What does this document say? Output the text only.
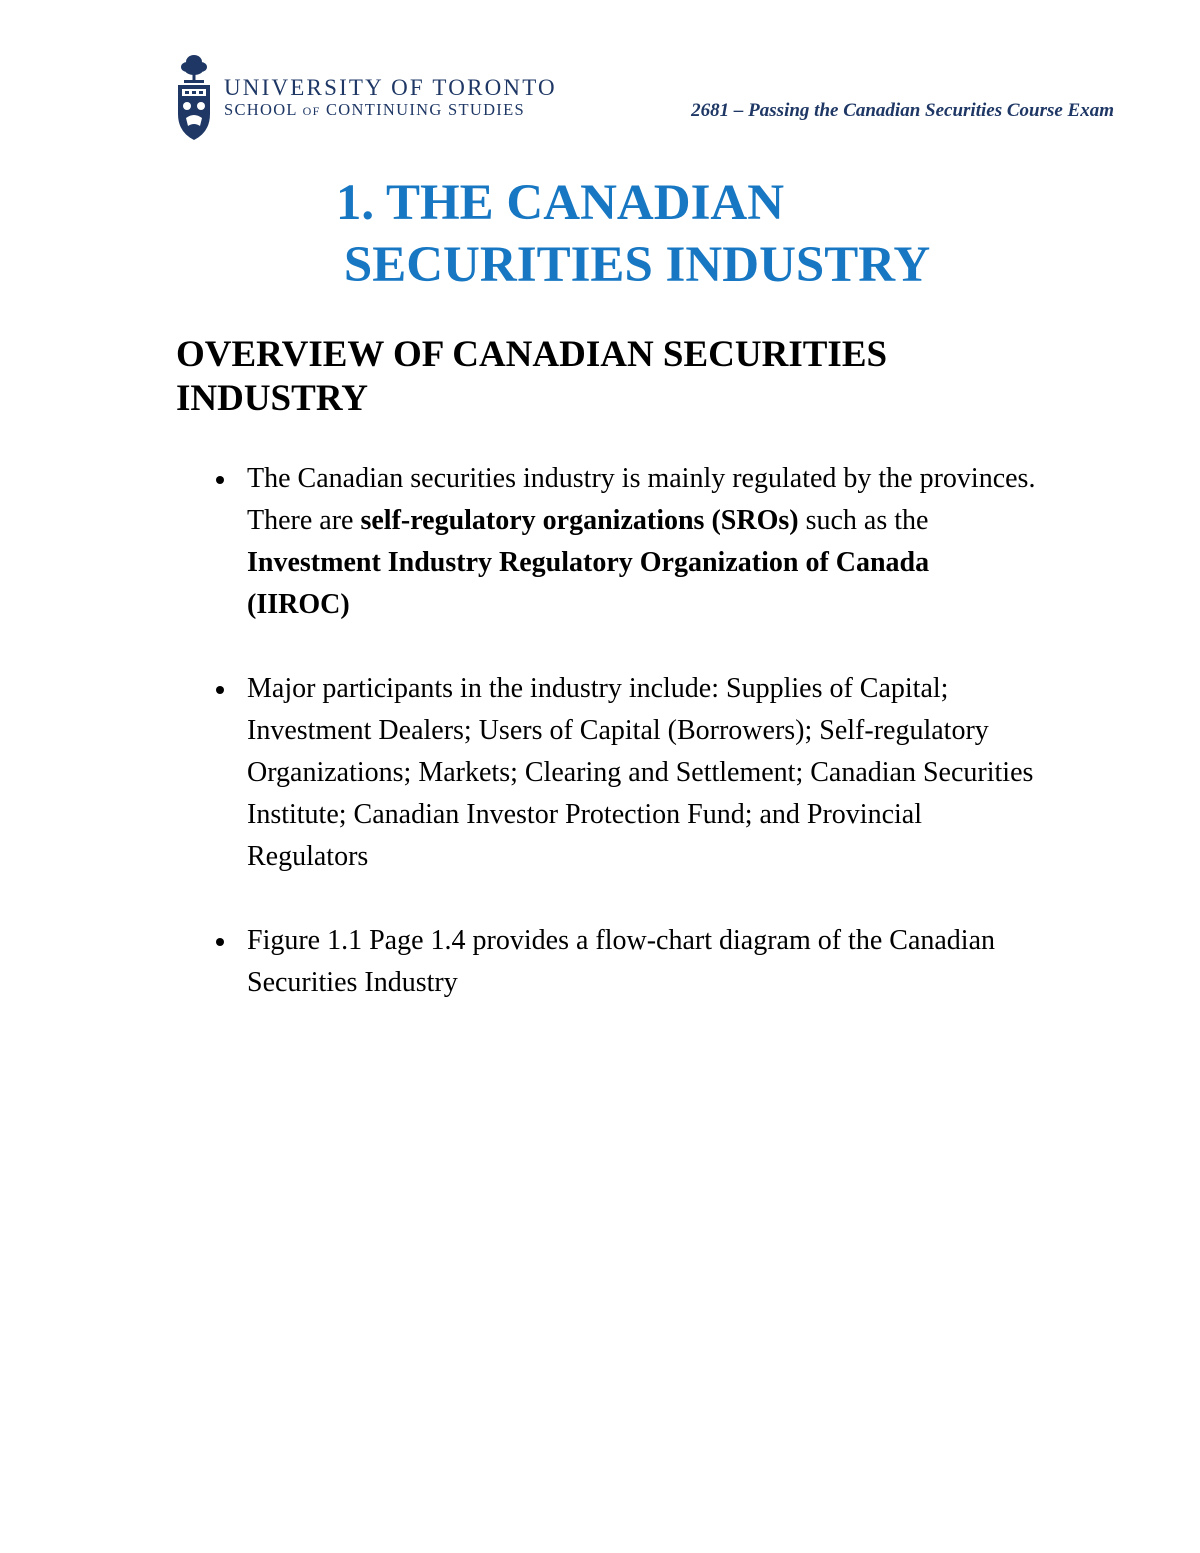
UNIVERSITY OF TORONTO
SCHOOL OF CONTINUING STUDIES	2681 – Passing the Canadian Securities Course Exam
1. THE CANADIAN
SECURITIES INDUSTRY
OVERVIEW OF CANADIAN SECURITIES INDUSTRY
The Canadian securities industry is mainly regulated by the provinces. There are self-regulatory organizations (SROs) such as the Investment Industry Regulatory Organization of Canada (IIROC)
Major participants in the industry include: Supplies of Capital; Investment Dealers; Users of Capital (Borrowers); Self-regulatory Organizations; Markets; Clearing and Settlement; Canadian Securities Institute; Canadian Investor Protection Fund; and Provincial Regulators
Figure 1.1 Page 1.4 provides a flow-chart diagram of the Canadian Securities Industry
